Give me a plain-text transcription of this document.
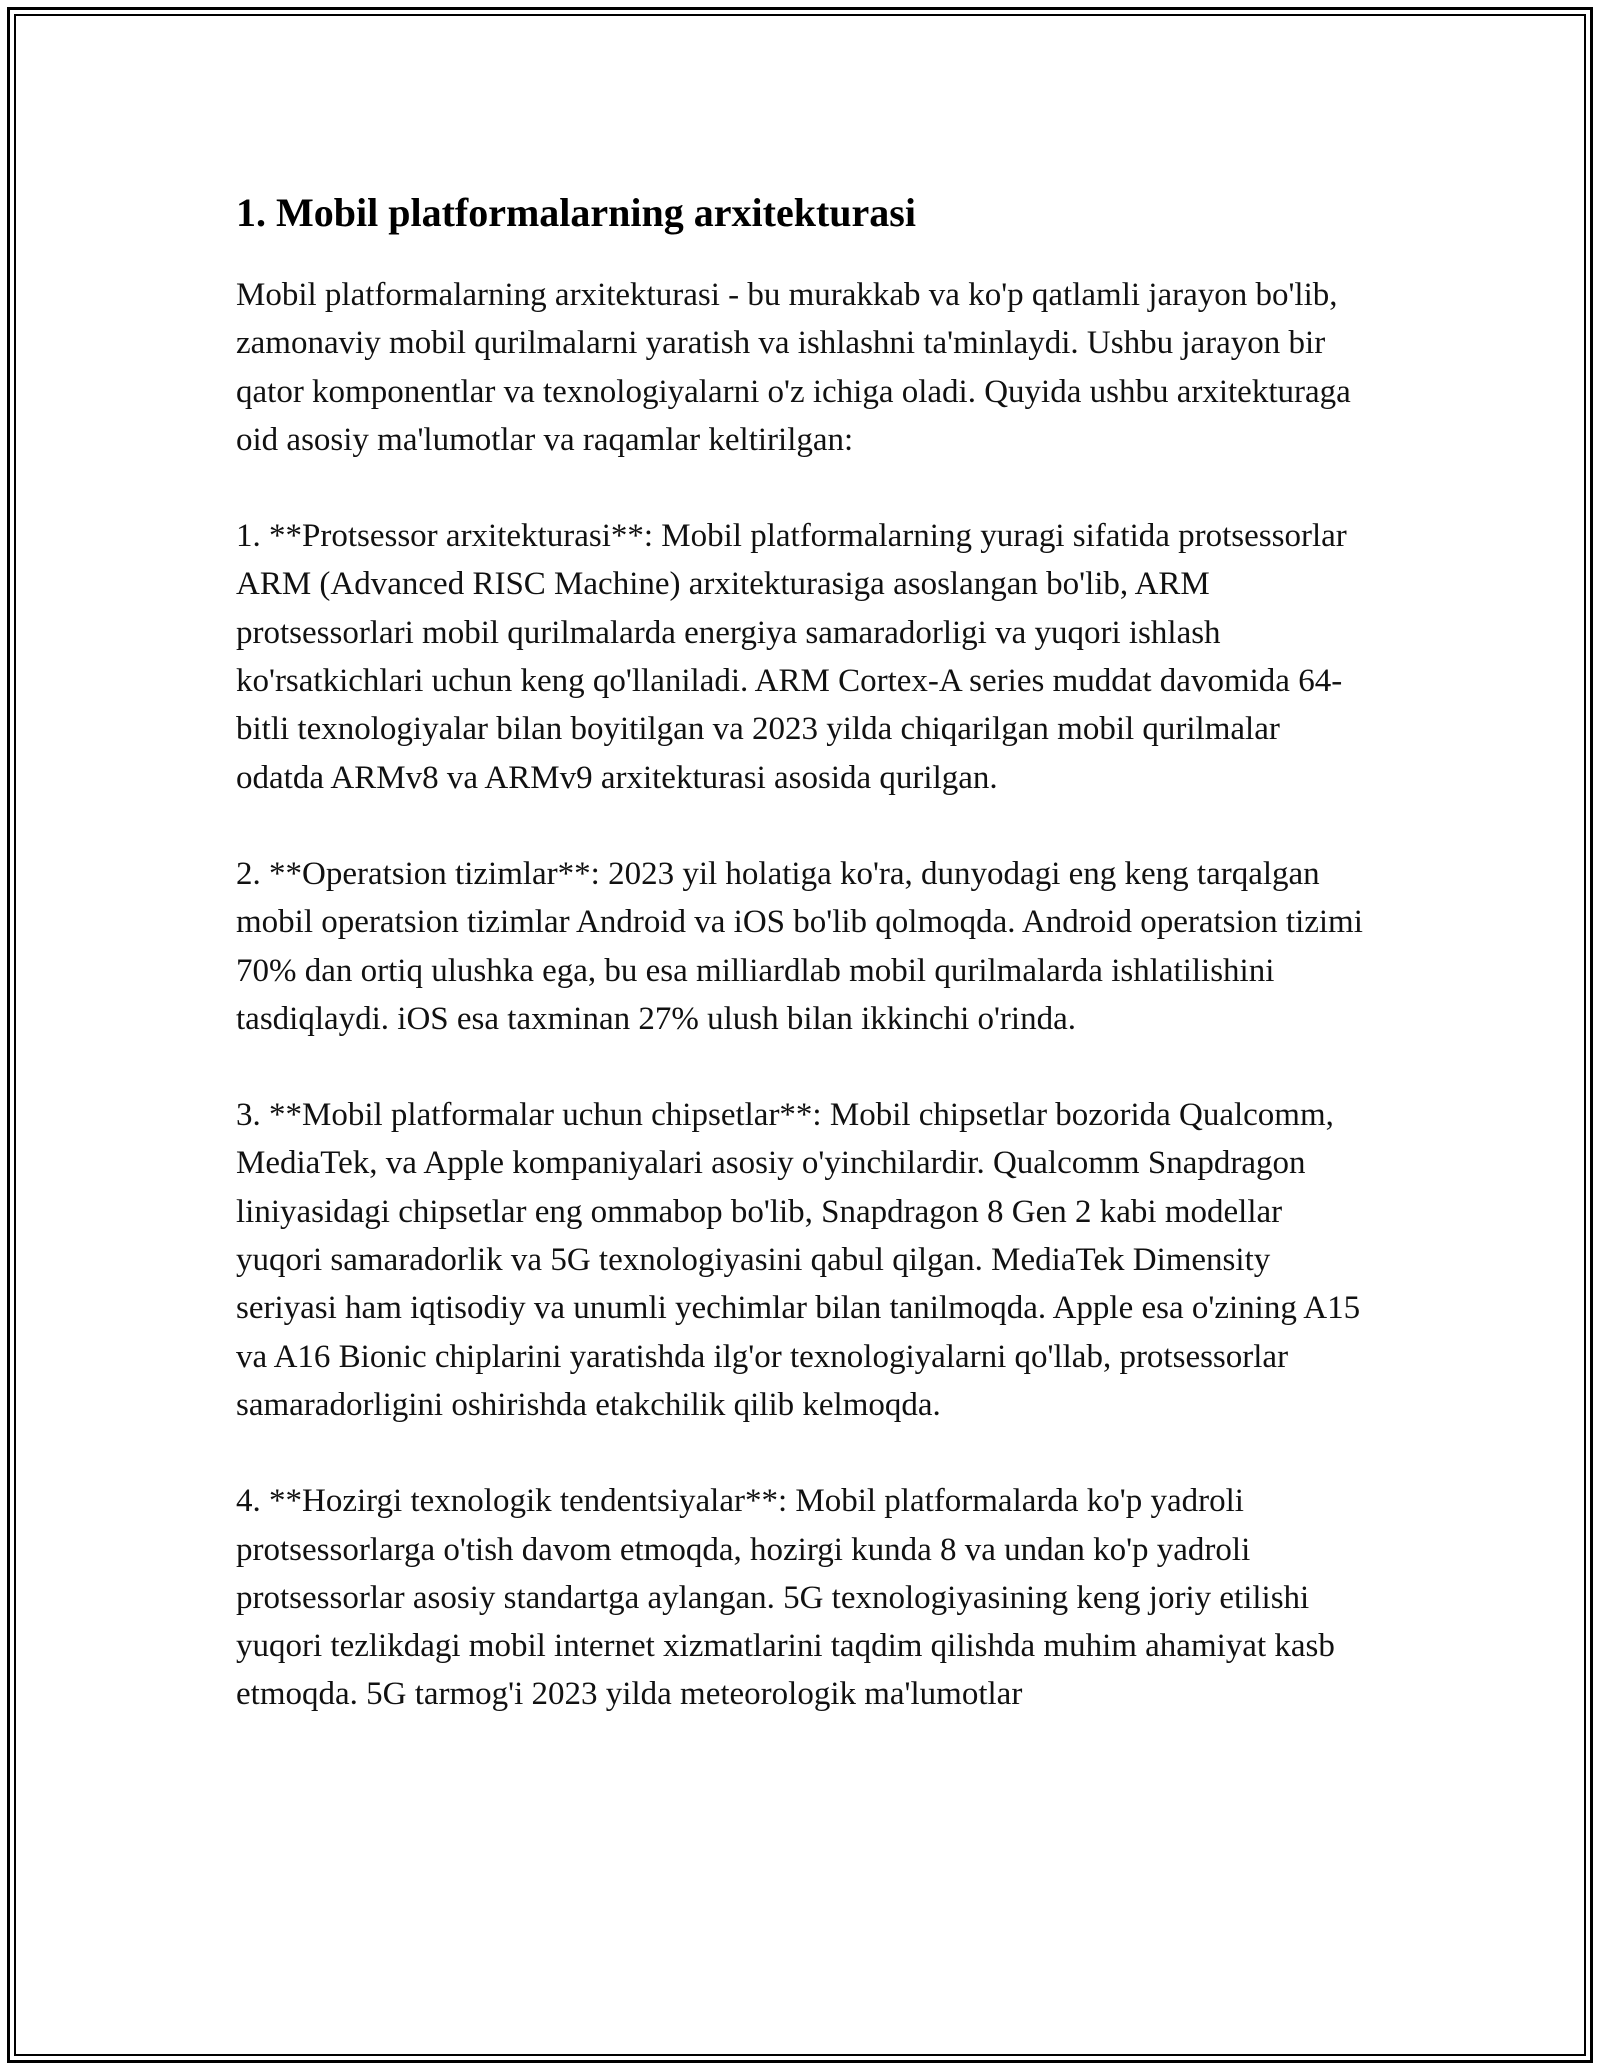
1. Mobil platformalarning arxitekturasi

Mobil platformalarning arxitekturasi - bu murakkab va ko'p qatlamli jarayon bo'lib, zamonaviy mobil qurilmalarni yaratish va ishlashni ta'minlaydi. Ushbu jarayon bir qator komponentlar va texnologiyalarni o'z ichiga oladi. Quyida ushbu arxitekturaga oid asosiy ma'lumotlar va raqamlar keltirilgan:

1. **Protsessor arxitekturasi**: Mobil platformalarning yuragi sifatida protsessorlar ARM (Advanced RISC Machine) arxitekturasiga asoslangan bo'lib, ARM protsessorlari mobil qurilmalarda energiya samaradorligi va yuqori ishlash ko'rsatkichlari uchun keng qo'llaniladi. ARM Cortex-A series muddat davomida 64-bitli texnologiyalar bilan boyitilgan va 2023 yilda chiqarilgan mobil qurilmalar odatda ARMv8 va ARMv9 arxitekturasi asosida qurilgan.

2. **Operatsion tizimlar**: 2023 yil holatiga ko'ra, dunyodagi eng keng tarqalgan mobil operatsion tizimlar Android va iOS bo'lib qolmoqda. Android operatsion tizimi 70% dan ortiq ulushka ega, bu esa milliardlab mobil qurilmalarda ishlatilishini tasdiqlaydi. iOS esa taxminan 27% ulush bilan ikkinchi o'rinda.

3. **Mobil platformalar uchun chipsetlar**: Mobil chipsetlar bozorida Qualcomm, MediaTek, va Apple kompaniyalari asosiy o'yinchilardir. Qualcomm Snapdragon liniyasidagi chipsetlar eng ommabop bo'lib, Snapdragon 8 Gen 2 kabi modellar yuqori samaradorlik va 5G texnologiyasini qabul qilgan. MediaTek Dimensity seriyasi ham iqtisodiy va unumli yechimlar bilan tanilmoqda. Apple esa o'zining A15 va A16 Bionic chiplarini yaratishda ilg'or texnologiyalarni qo'llab, protsessorlar samaradorligini oshirishda etakchilik qilib kelmoqda.

4. **Hozirgi texnologik tendentsiyalar**: Mobil platformalarda ko'p yadroli protsessorlarga o'tish davom etmoqda, hozirgi kunda 8 va undan ko'p yadroli protsessorlar asosiy standartga aylangan. 5G texnologiyasining keng joriy etilishi yuqori tezlikdagi mobil internet xizmatlarini taqdim qilishda muhim ahamiyat kasb etmoqda. 5G tarmog'i 2023 yilda meteorologik ma'lumotlar
